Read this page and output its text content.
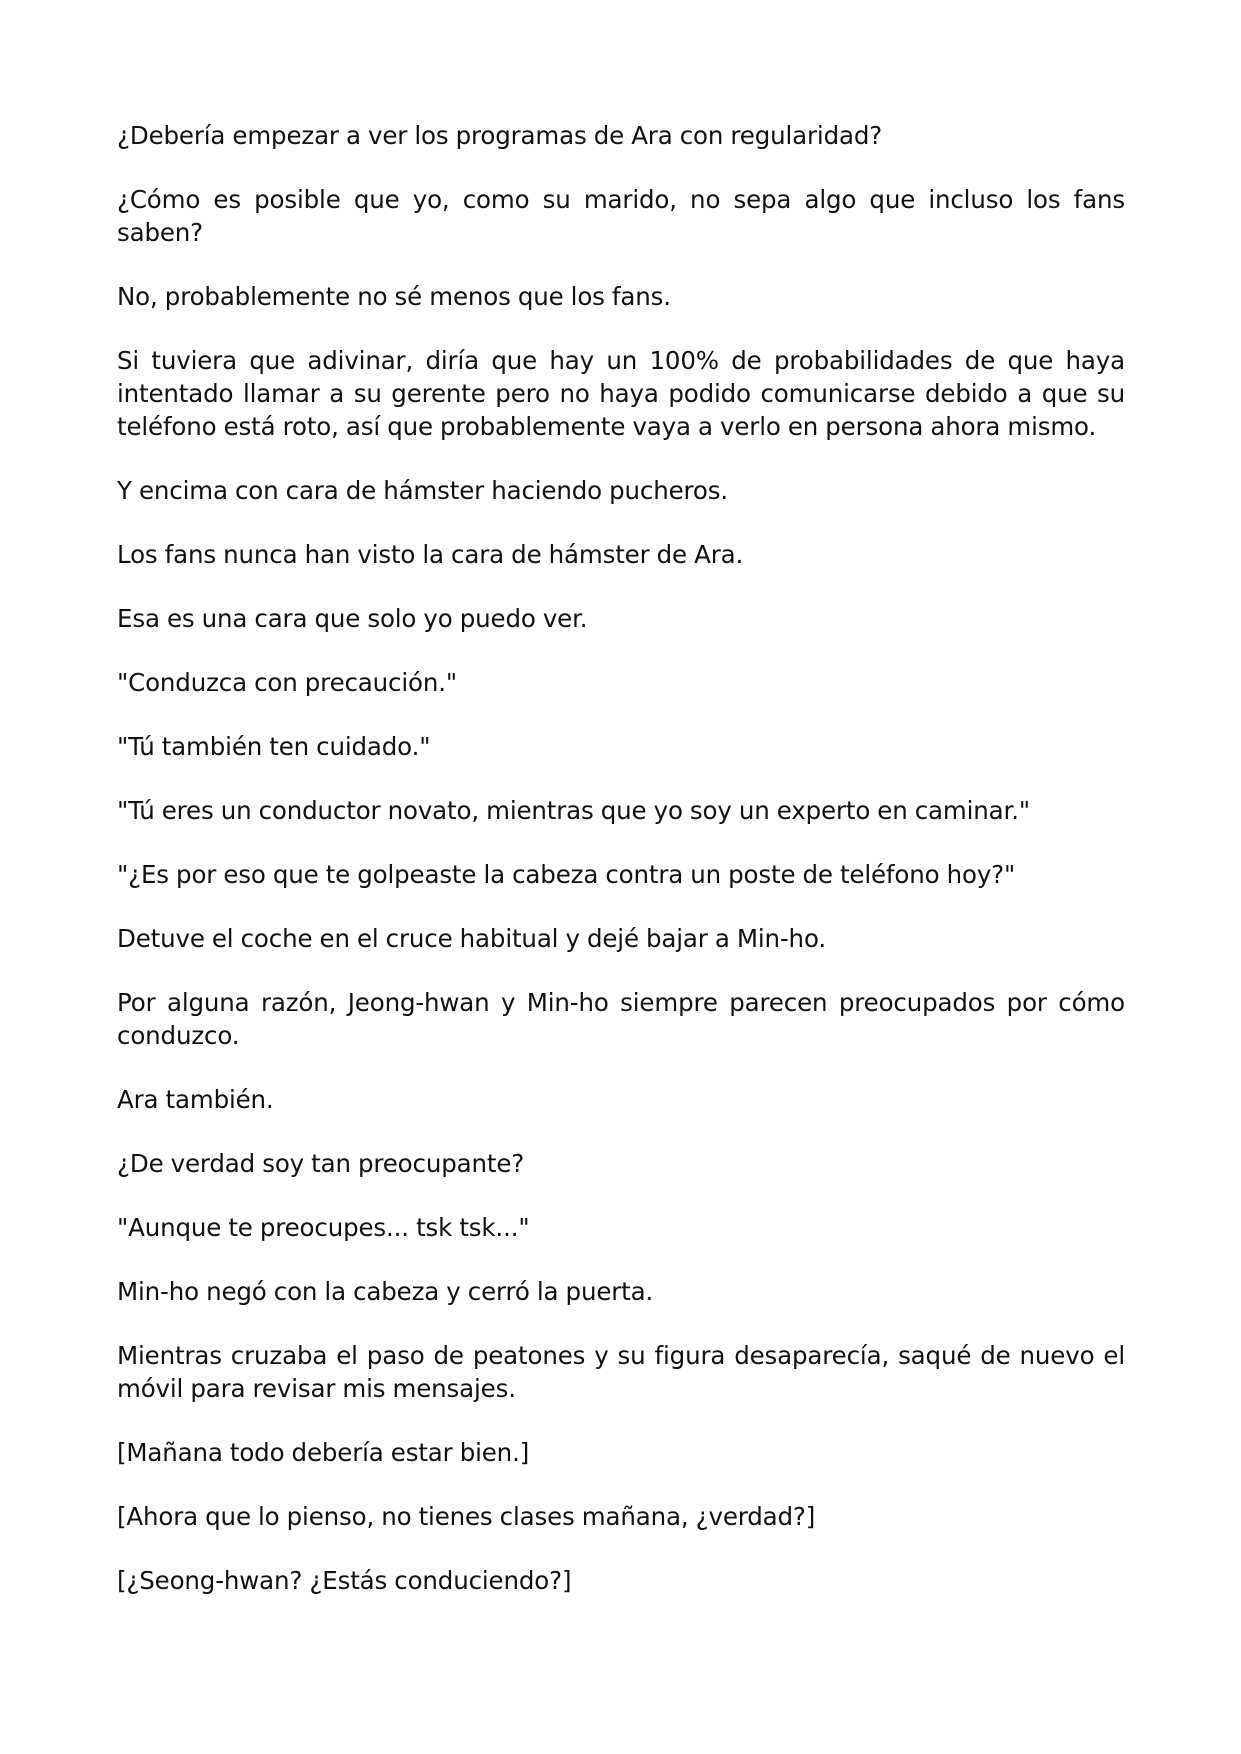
¿Debería empezar a ver los programas de Ara con regularidad?

¿Cómo es posible que yo, como su marido, no sepa algo que incluso los fans saben?

No, probablemente no sé menos que los fans.

Si tuviera que adivinar, diría que hay un 100% de probabilidades de que haya intentado llamar a su gerente pero no haya podido comunicarse debido a que su teléfono está roto, así que probablemente vaya a verlo en persona ahora mismo.

Y encima con cara de hámster haciendo pucheros.

Los fans nunca han visto la cara de hámster de Ara.

Esa es una cara que solo yo puedo ver.

"Conduzca con precaución."

"Tú también ten cuidado."

"Tú eres un conductor novato, mientras que yo soy un experto en caminar."

"¿Es por eso que te golpeaste la cabeza contra un poste de teléfono hoy?"

Detuve el coche en el cruce habitual y dejé bajar a Min-ho.

Por alguna razón, Jeong-hwan y Min-ho siempre parecen preocupados por cómo conduzco.

Ara también.

¿De verdad soy tan preocupante?

"Aunque te preocupes... tsk tsk..."

Min-ho negó con la cabeza y cerró la puerta.

Mientras cruzaba el paso de peatones y su figura desaparecía, saqué de nuevo el móvil para revisar mis mensajes.

[Mañana todo debería estar bien.]

[Ahora que lo pienso, no tienes clases mañana, ¿verdad?]

[¿Seong-hwan? ¿Estás conduciendo?]
